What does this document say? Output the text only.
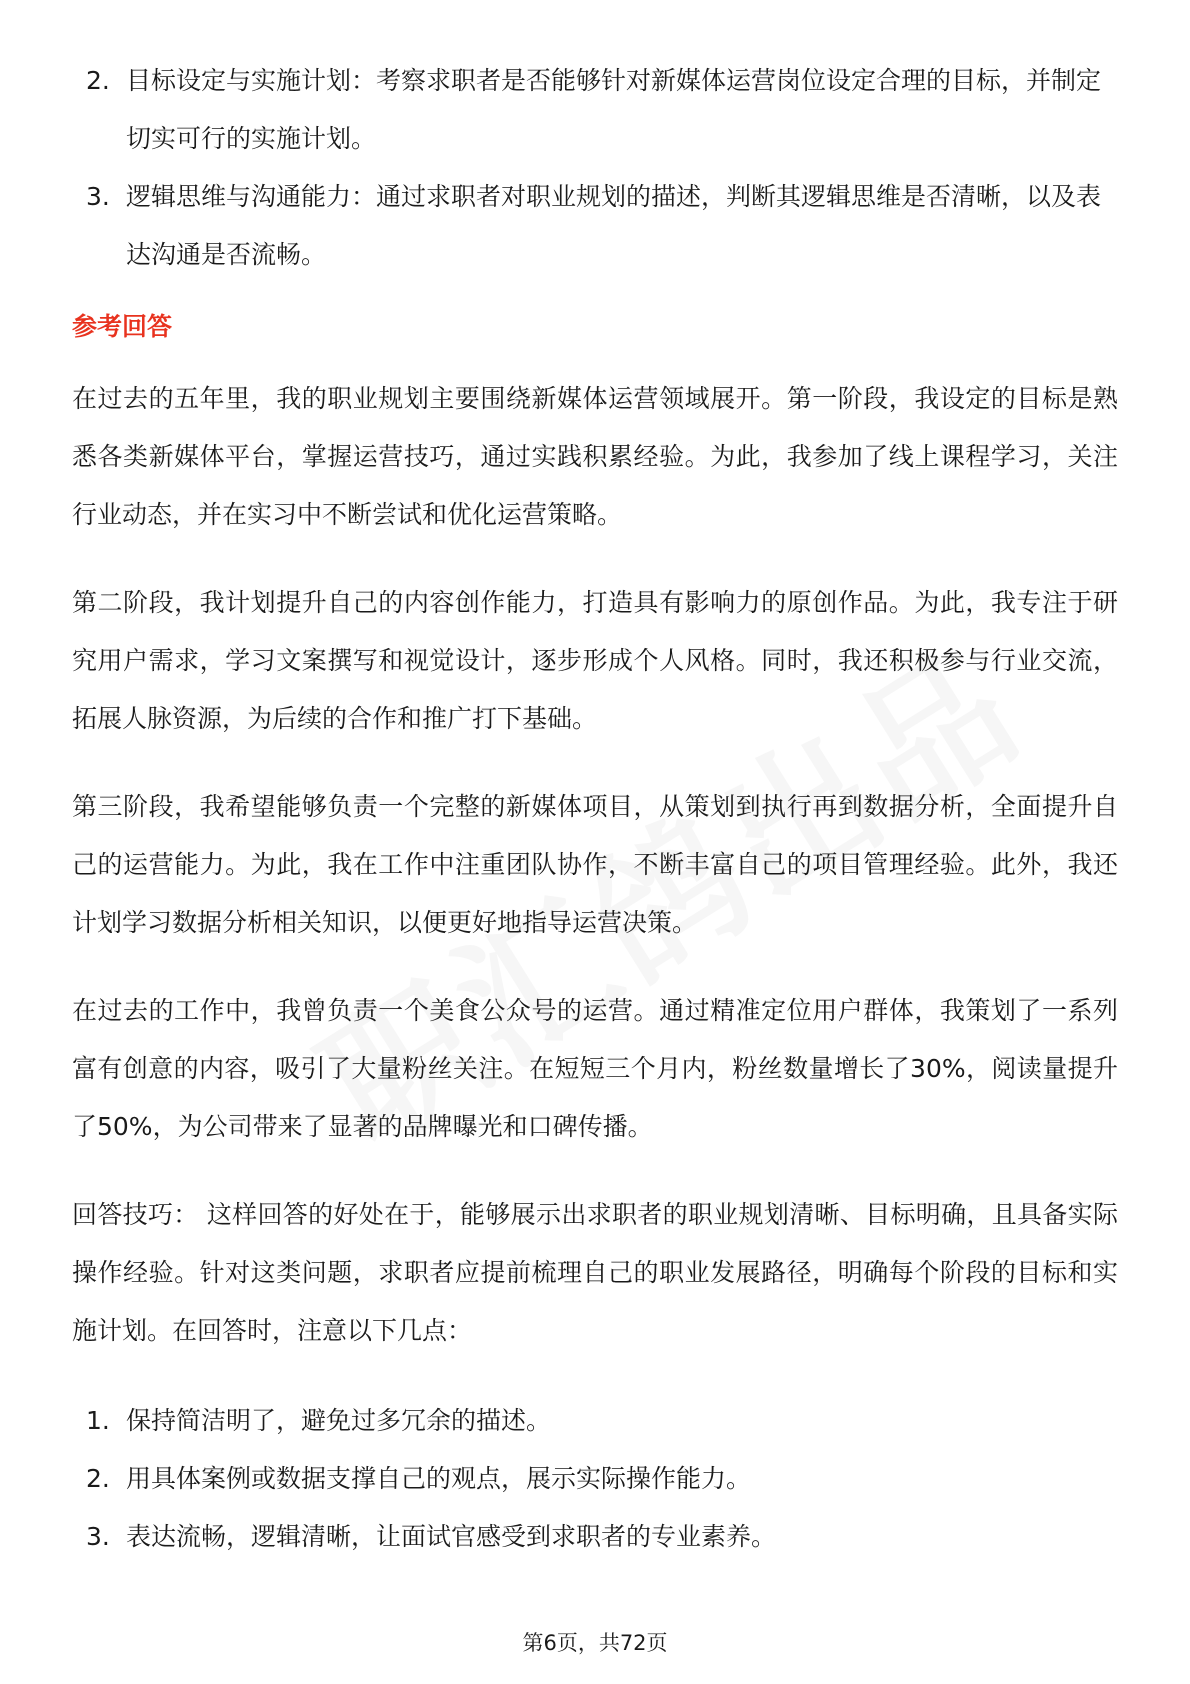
2. 目标设定与实施计划：考察求职者是否能够针对新媒体运营岗位设定合理的目标，并制定切实可行的实施计划。
3. 逻辑思维与沟通能力：通过求职者对职业规划的描述，判断其逻辑思维是否清晰，以及表达沟通是否流畅。
参考回答

在过去的五年里，我的职业规划主要围绕新媒体运营领域展开。第一阶段，我设定的目标是熟悉各类新媒体平台，掌握运营技巧，通过实践积累经验。为此，我参加了线上课程学习，关注行业动态，并在实习中不断尝试和优化运营策略。

第二阶段，我计划提升自己的内容创作能力，打造具有影响力的原创作品。为此，我专注于研究用户需求，学习文案撰写和视觉设计，逐步形成个人风格。同时，我还积极参与行业交流，拓展人脉资源，为后续的合作和推广打下基础。

第三阶段，我希望能够负责一个完整的新媒体项目，从策划到执行再到数据分析，全面提升自己的运营能力。为此，我在工作中注重团队协作，不断丰富自己的项目管理经验。此外，我还计划学习数据分析相关知识，以便更好地指导运营决策。

在过去的工作中，我曾负责一个美食公众号的运营。通过精准定位用户群体，我策划了一系列富有创意的内容，吸引了大量粉丝关注。在短短三个月内，粉丝数量增长了30%，阅读量提升了50%，为公司带来了显著的品牌曝光和口碑传播。

回答技巧： 这样回答的好处在于，能够展示出求职者的职业规划清晰、目标明确，且具备实际操作经验。针对这类问题，求职者应提前梳理自己的职业发展路径，明确每个阶段的目标和实施计划。在回答时，注意以下几点：

1. 保持简洁明了，避免过多冗余的描述。
2. 用具体案例或数据支撑自己的观点，展示实际操作能力。
3. 表达流畅，逻辑清晰，让面试官感受到求职者的专业素养。
第6页，共72页
